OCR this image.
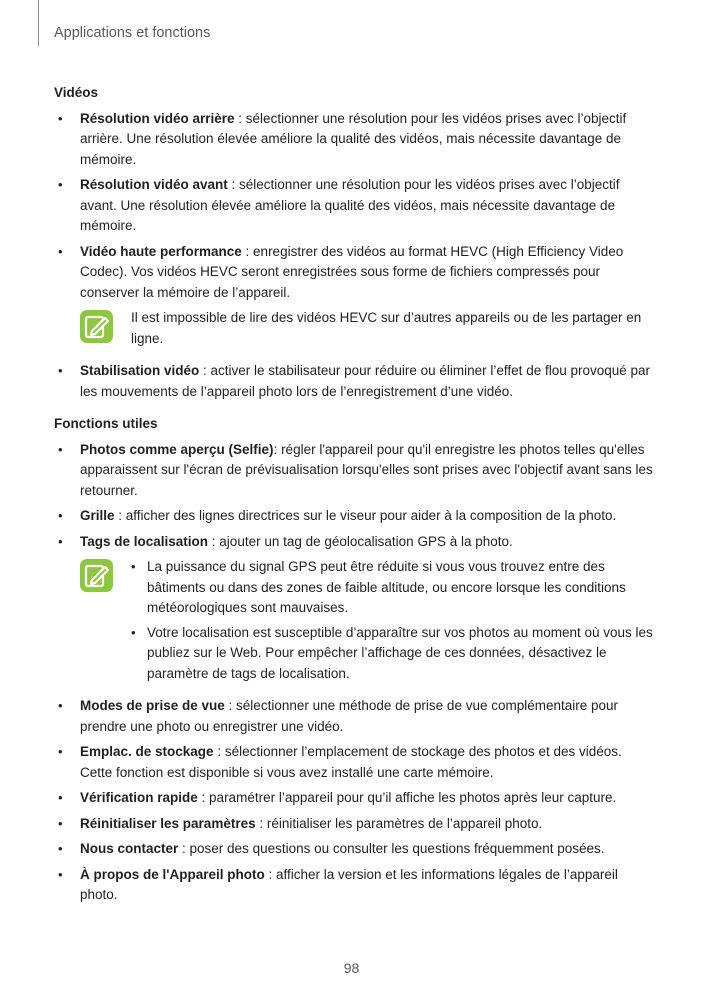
Applications et fonctions
Vidéos
• Résolution vidéo arrière : sélectionner une résolution pour les vidéos prises avec l’objectif arrière. Une résolution élevée améliore la qualité des vidéos, mais nécessite davantage de mémoire.
• Résolution vidéo avant : sélectionner une résolution pour les vidéos prises avec l’objectif avant. Une résolution élevée améliore la qualité des vidéos, mais nécessite davantage de mémoire.
• Vidéo haute performance : enregistrer des vidéos au format HEVC (High Efficiency Video Codec). Vos vidéos HEVC seront enregistrées sous forme de fichiers compressés pour conserver la mémoire de l’appareil.
Il est impossible de lire des vidéos HEVC sur d’autres appareils ou de les partager en ligne.
• Stabilisation vidéo : activer le stabilisateur pour réduire ou éliminer l’effet de flou provoqué par les mouvements de l’appareil photo lors de l’enregistrement d’une vidéo.
Fonctions utiles
• Photos comme aperçu (Selfie): régler l'appareil pour qu'il enregistre les photos telles qu'elles apparaissent sur l'écran de prévisualisation lorsqu'elles sont prises avec l'objectif avant sans les retourner.
• Grille : afficher des lignes directrices sur le viseur pour aider à la composition de la photo.
• Tags de localisation : ajouter un tag de géolocalisation GPS à la photo.
• La puissance du signal GPS peut être réduite si vous vous trouvez entre des bâtiments ou dans des zones de faible altitude, ou encore lorsque les conditions météorologiques sont mauvaises.
• Votre localisation est susceptible d’apparaître sur vos photos au moment où vous les publiez sur le Web. Pour empêcher l’affichage de ces données, désactivez le paramètre de tags de localisation.
• Modes de prise de vue : sélectionner une méthode de prise de vue complémentaire pour prendre une photo ou enregistrer une vidéo.
• Emplac. de stockage : sélectionner l’emplacement de stockage des photos et des vidéos. Cette fonction est disponible si vous avez installé une carte mémoire.
• Vérification rapide : paramétrer l’appareil pour qu’il affiche les photos après leur capture.
• Réinitialiser les paramètres : réinitialiser les paramètres de l’appareil photo.
• Nous contacter : poser des questions ou consulter les questions fréquemment posées.
• À propos de l'Appareil photo : afficher la version et les informations légales de l’appareil photo.
98
